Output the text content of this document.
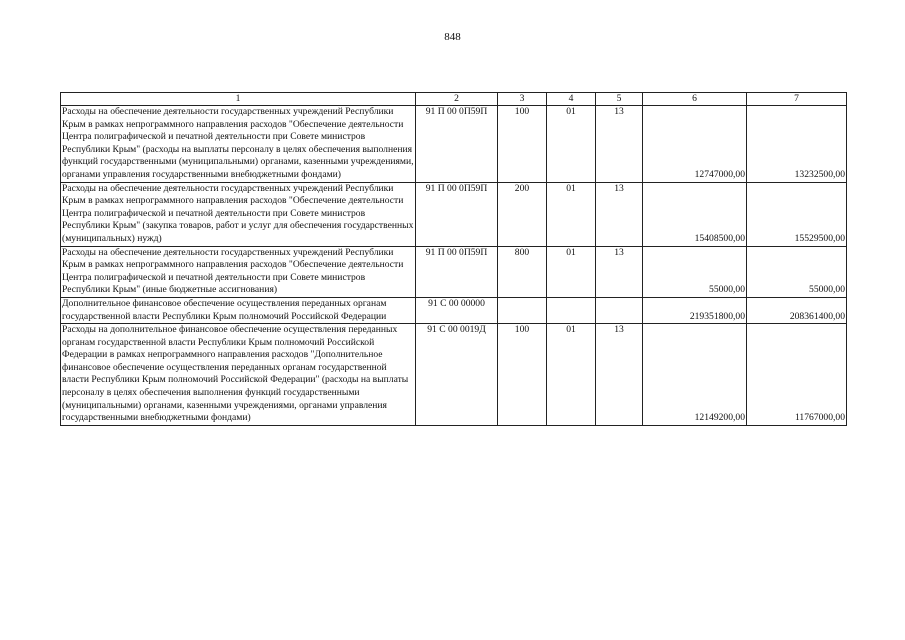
848
1	2	3	4	5	6	7
Расходы на обеспечение деятельности государственных учреждений Республики Крым в рамках непрограммного направления расходов "Обеспечение деятельности Центра полиграфической и печатной деятельности при Совете министров Республики Крым" (расходы на выплаты персоналу в целях обеспечения выполнения функций государственными (муниципальными) органами, казенными учреждениями, органами управления государственными внебюджетными фондами)	91 П 00 0П59П	100	01	13	12747000,00	13232500,00
Расходы на обеспечение деятельности государственных учреждений Республики Крым в рамках непрограммного направления расходов "Обеспечение деятельности Центра полиграфической и печатной деятельности при Совете министров Республики Крым" (закупка товаров, работ и услуг для обеспечения государственных (муниципальных) нужд)	91 П 00 0П59П	200	01	13	15408500,00	15529500,00
Расходы на обеспечение деятельности государственных учреждений Республики Крым в рамках непрограммного направления расходов "Обеспечение деятельности Центра полиграфической и печатной деятельности при Совете министров Республики Крым" (иные бюджетные ассигнования)	91 П 00 0П59П	800	01	13	55000,00	55000,00
Дополнительное финансовое обеспечение осуществления переданных органам государственной власти Республики Крым полномочий Российской Федерации	91 С 00 00000				219351800,00	208361400,00
Расходы на дополнительное финансовое обеспечение осуществления переданных органам государственной власти Республики Крым полномочий Российской Федерации в рамках непрограммного направления расходов "Дополнительное финансовое обеспечение осуществления переданных органам государственной власти Республики Крым полномочий Российской Федерации" (расходы на выплаты персоналу в целях обеспечения выполнения функций государственными (муниципальными) органами, казенными учреждениями, органами управления государственными внебюджетными фондами)	91 С 00 0019Д	100	01	13	12149200,00	11767000,00
